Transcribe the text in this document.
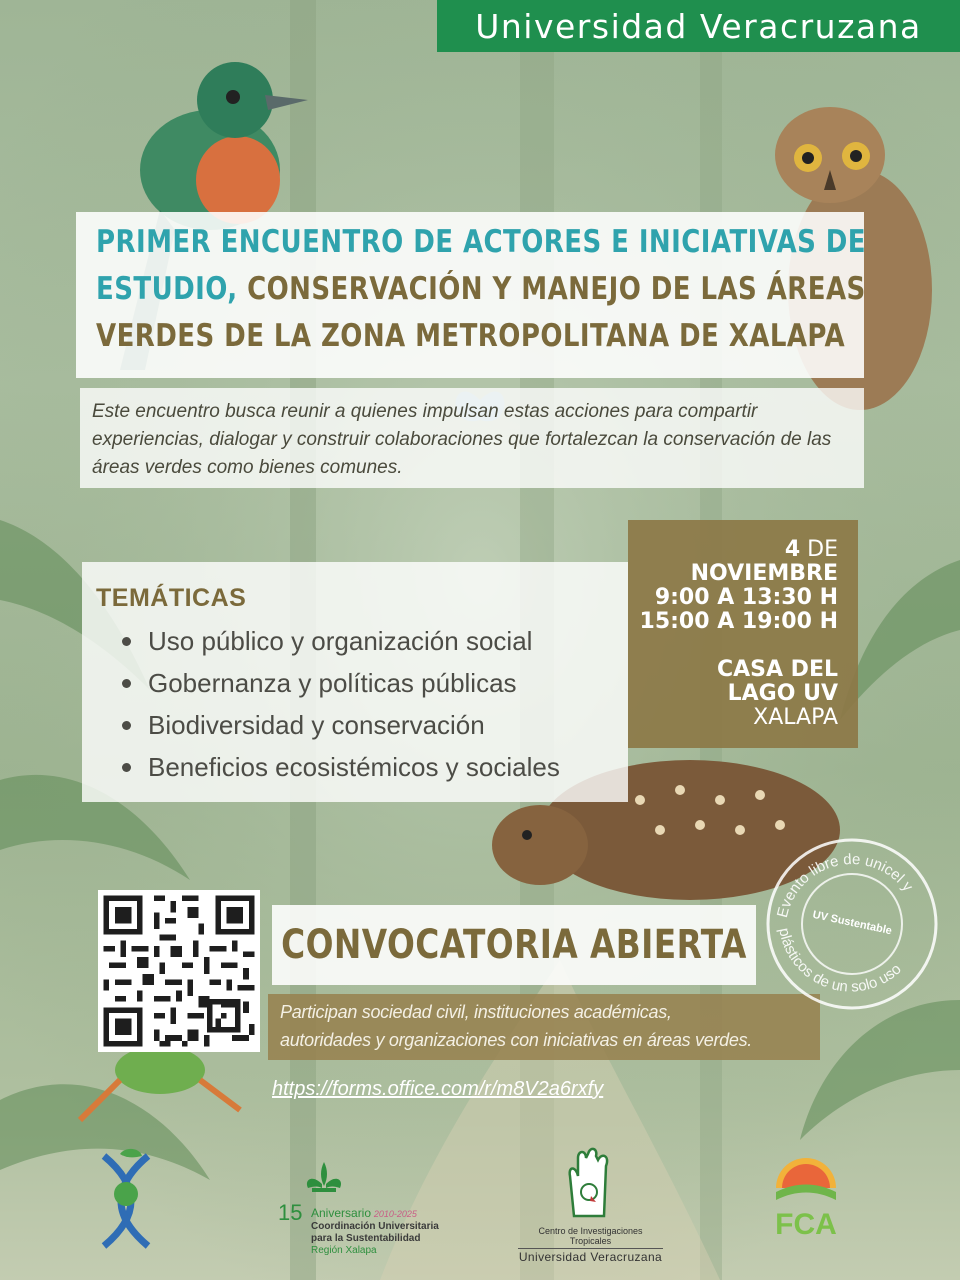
Universidad Veracruzana
PRIMER ENCUENTRO DE ACTORES E INICIATIVAS DE
ESTUDIO, CONSERVACIÓN Y MANEJO DE LAS ÁREAS
VERDES DE LA ZONA METROPOLITANA DE XALAPA

Este encuentro busca reunir a quienes impulsan estas acciones para compartir experiencias, dialogar y construir colaboraciones que fortalezcan la conservación de las áreas verdes como bienes comunes.

TEMÁTICAS
Uso público y organización social
Gobernanza y políticas públicas
Biodiversidad y conservación
Beneficios ecosistémicos y sociales
4 DE
NOVIEMBRE
9:00 A 13:30 H
15:00 A 19:00 H
CASA DEL
LAGO UV
XALAPA
CONVOCATORIA ABIERTA

Participan sociedad civil, instituciones académicas,
autoridades y organizaciones con iniciativas en áreas verdes.

https://forms.office.com/r/m8V2a6rxfy
Evento libre de unicel y
plásticos de un solo uso
UV Sustentable
15 Aniversario 2010-2025
Coordinación Universitaria
para la Sustentabilidad
Región Xalapa
Centro de Investigaciones Tropicales
Universidad Veracruzana
FCA
